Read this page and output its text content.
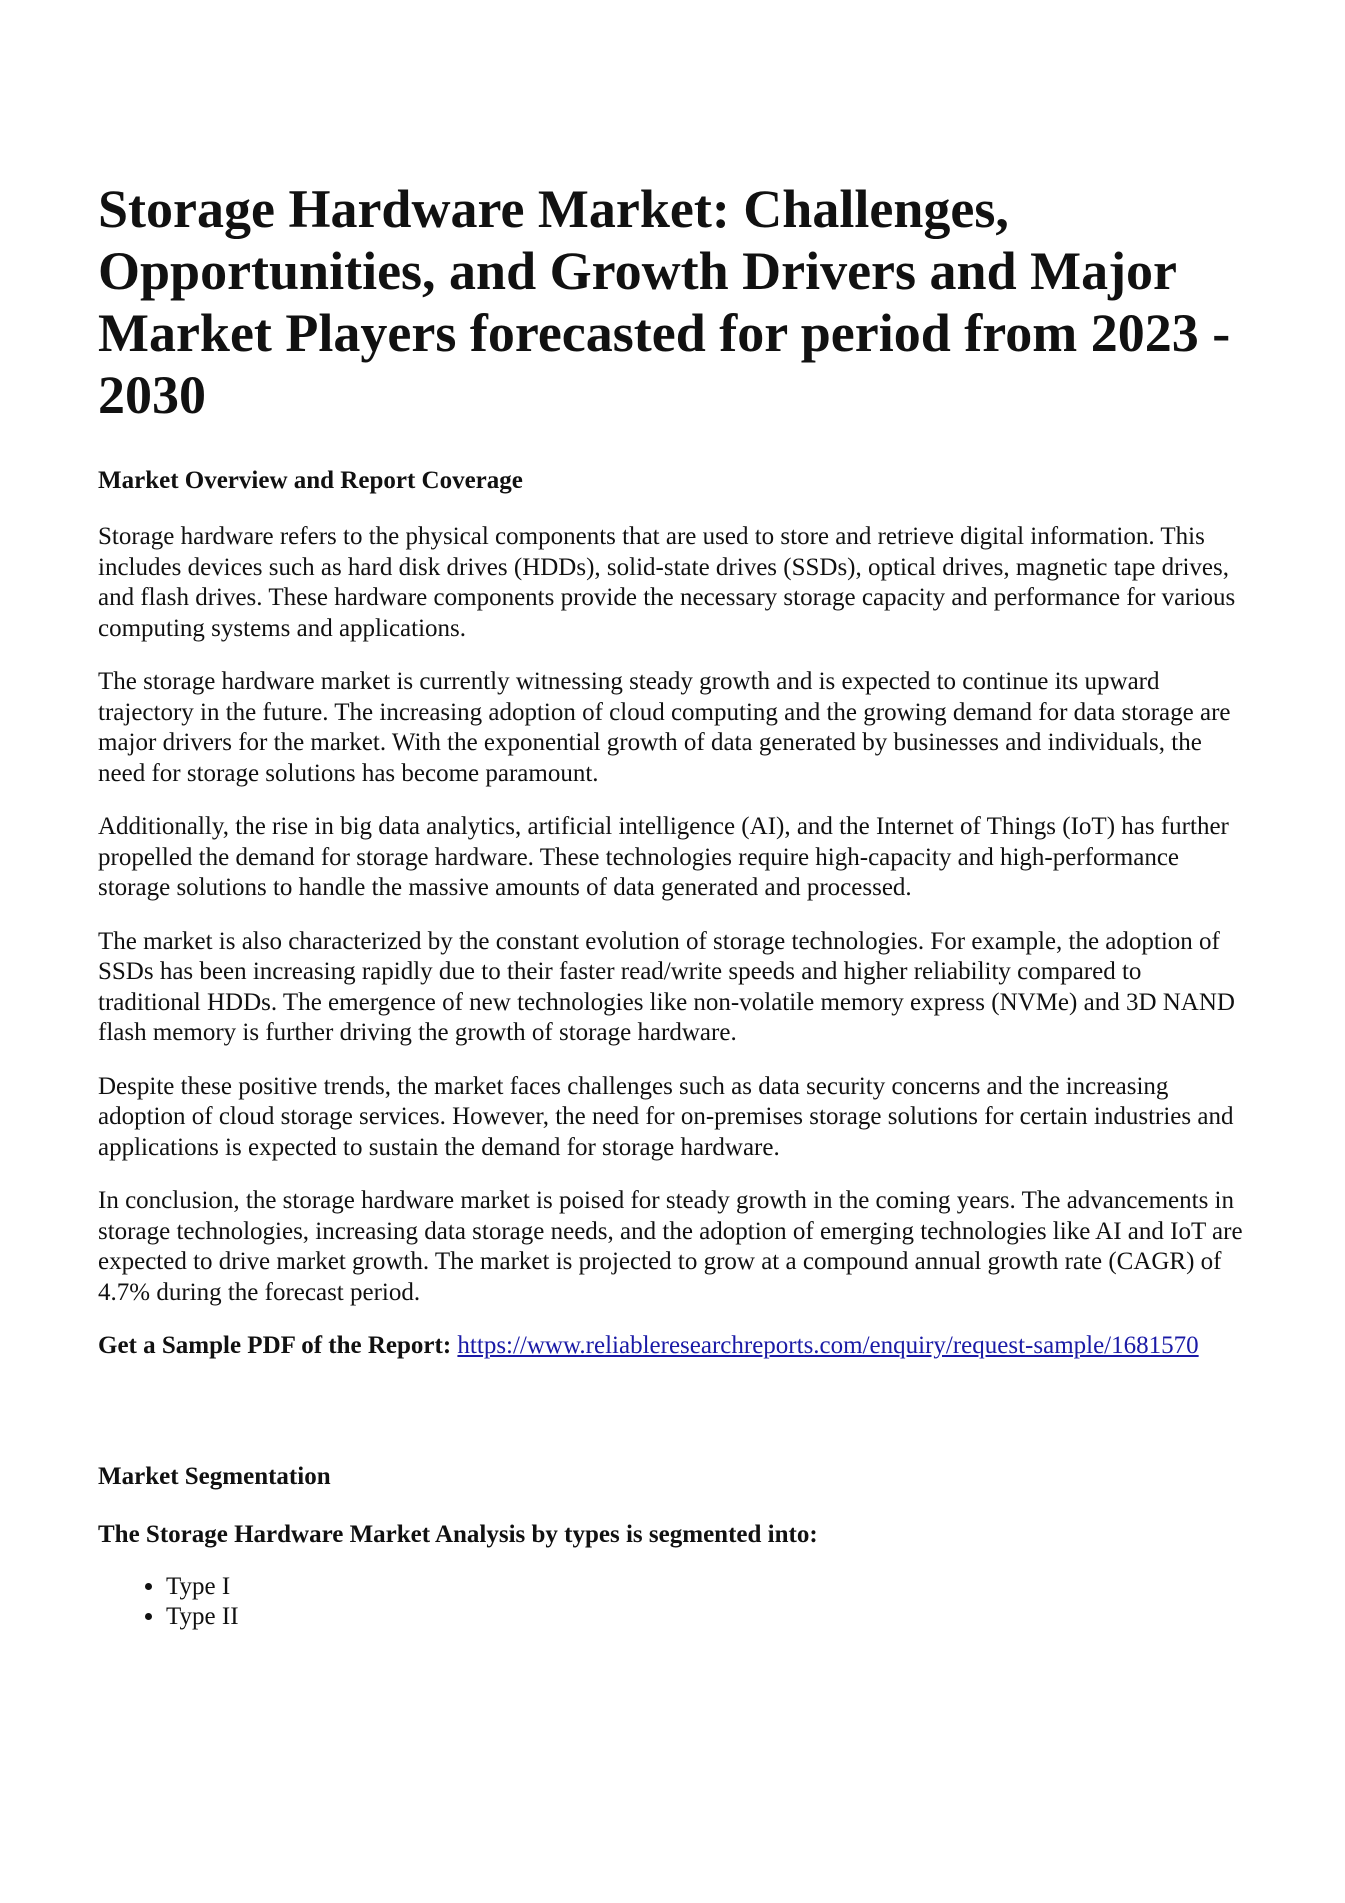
Storage Hardware Market: Challenges, Opportunities, and Growth Drivers and Major Market Players forecasted for period from 2023 - 2030
Market Overview and Report Coverage

Storage hardware refers to the physical components that are used to store and retrieve digital information. This includes devices such as hard disk drives (HDDs), solid-state drives (SSDs), optical drives, magnetic tape drives, and flash drives. These hardware components provide the necessary storage capacity and performance for various computing systems and applications.

The storage hardware market is currently witnessing steady growth and is expected to continue its upward trajectory in the future. The increasing adoption of cloud computing and the growing demand for data storage are major drivers for the market. With the exponential growth of data generated by businesses and individuals, the need for storage solutions has become paramount.

Additionally, the rise in big data analytics, artificial intelligence (AI), and the Internet of Things (IoT) has further propelled the demand for storage hardware. These technologies require high-capacity and high-performance storage solutions to handle the massive amounts of data generated and processed.

The market is also characterized by the constant evolution of storage technologies. For example, the adoption of SSDs has been increasing rapidly due to their faster read/write speeds and higher reliability compared to traditional HDDs. The emergence of new technologies like non-volatile memory express (NVMe) and 3D NAND flash memory is further driving the growth of storage hardware.

Despite these positive trends, the market faces challenges such as data security concerns and the increasing adoption of cloud storage services. However, the need for on-premises storage solutions for certain industries and applications is expected to sustain the demand for storage hardware.

In conclusion, the storage hardware market is poised for steady growth in the coming years. The advancements in storage technologies, increasing data storage needs, and the adoption of emerging technologies like AI and IoT are expected to drive market growth. The market is projected to grow at a compound annual growth rate (CAGR) of 4.7% during the forecast period.

Get a Sample PDF of the Report: https://www.reliableresearchreports.com/enquiry/request-sample/1681570

Market Segmentation
The Storage Hardware Market Analysis by types is segmented into:
• Type I
• Type II
